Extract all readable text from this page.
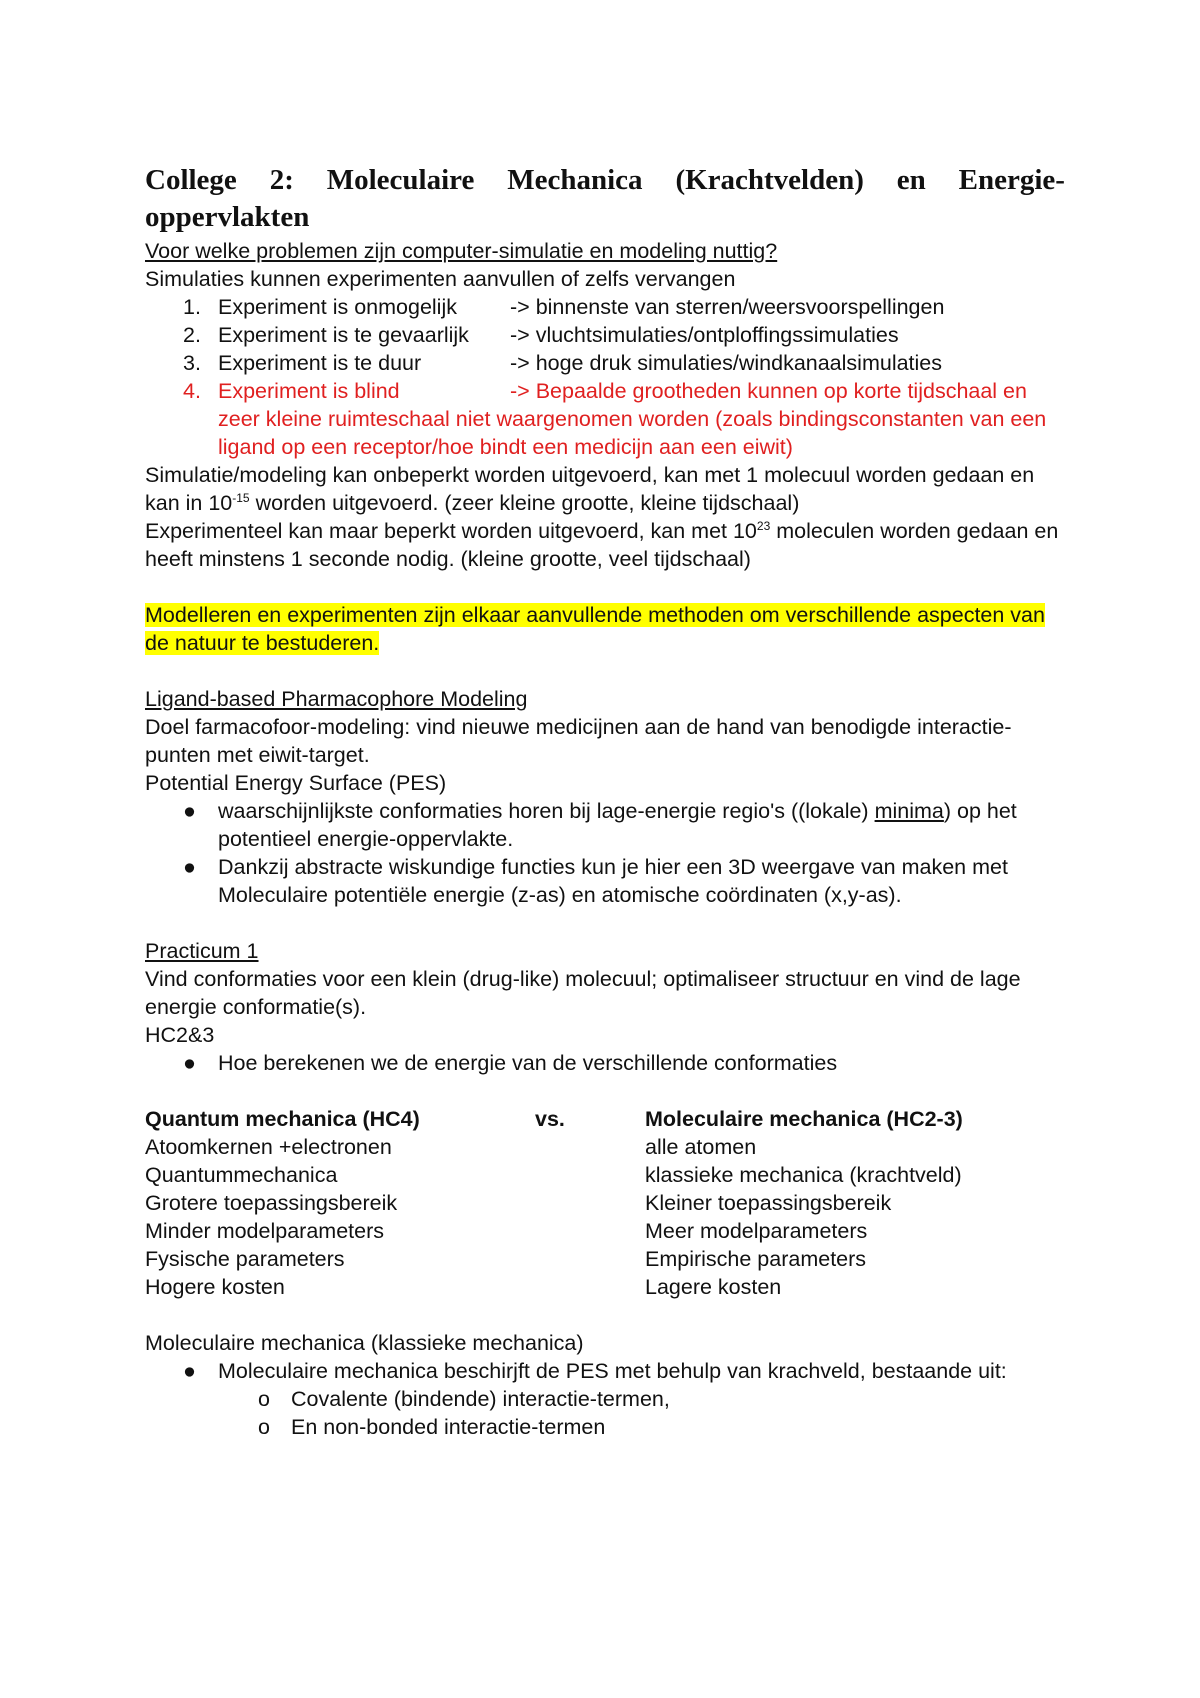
College 2: Moleculaire Mechanica (Krachtvelden) en Energie-
oppervlakten

Voor welke problemen zijn computer-simulatie en modeling nuttig?

Simulaties kunnen experimenten aanvullen of zelfs vervangen

1. Experiment is onmogelijk -> binnenste van sterren/weersvoorspellingen
2. Experiment is te gevaarlijk -> vluchtsimulaties/ontploffingssimulaties
3. Experiment is te duur	-> hoge druk simulaties/windkanaalsimulaties
4. Experiment is blind	-> Bepaalde grootheden kunnen op korte tijdschaal en zeer kleine ruimteschaal niet waargenomen worden (zoals bindingsconstanten van een ligand op een receptor/hoe bindt een medicijn aan een eiwit)

Simulatie/modeling kan onbeperkt worden uitgevoerd, kan met 1 molecuul worden gedaan en kan in $10^{-15}$ worden uitgevoerd. (zeer kleine grootte, kleine tijdschaal)

Experimenteel kan maar beperkt worden uitgevoerd, kan met $10^{23}$ moleculen worden gedaan en heeft minstens 1 seconde nodig. (kleine grootte, veel tijdschaal)

Modelleren en experimenten zijn elkaar aanvullende methoden om verschillende aspecten van de natuur te bestuderen.

Ligand-based Pharmacophore Modeling

Doel farmacofoor-modeling: vind nieuwe medicijnen aan de hand van benodigde interactie-punten met eiwit-target.

Potential Energy Surface (PES)

● waarschijnlijkste conformaties horen bij lage-energie regio's ((lokale) minima) op het potentieel energie-oppervlakte.
● Dankzij abstracte wiskundige functies kun je hier een 3D weergave van maken met Moleculaire potentiële energie (z-as) en atomische coördinaten (x,y-as).

Practicum 1

Vind conformaties voor een klein (drug-like) molecuul; optimaliseer structuur en vind de lage energie conformatie(s).

HC2&3

● Hoe berekenen we de energie van de verschillende conformaties
Quantum mechanica (HC4)	vs.	Moleculaire mechanica (HC2-3)
Atoomkernen +electronen	alle atomen
Quantummechanica	klassieke mechanica (krachtveld)
Grotere toepassingsbereik	Kleiner toepassingsbereik
Minder modelparameters	Meer modelparameters
Fysische parameters	Empirische parameters
Hogere kosten	Lagere kosten

Moleculaire mechanica (klassieke mechanica)

● Moleculaire mechanica beschirjft de PES met behulp van krachveld, bestaande uit:
o Covalente (bindende) interactie-termen,
o En non-bonded interactie-termen
